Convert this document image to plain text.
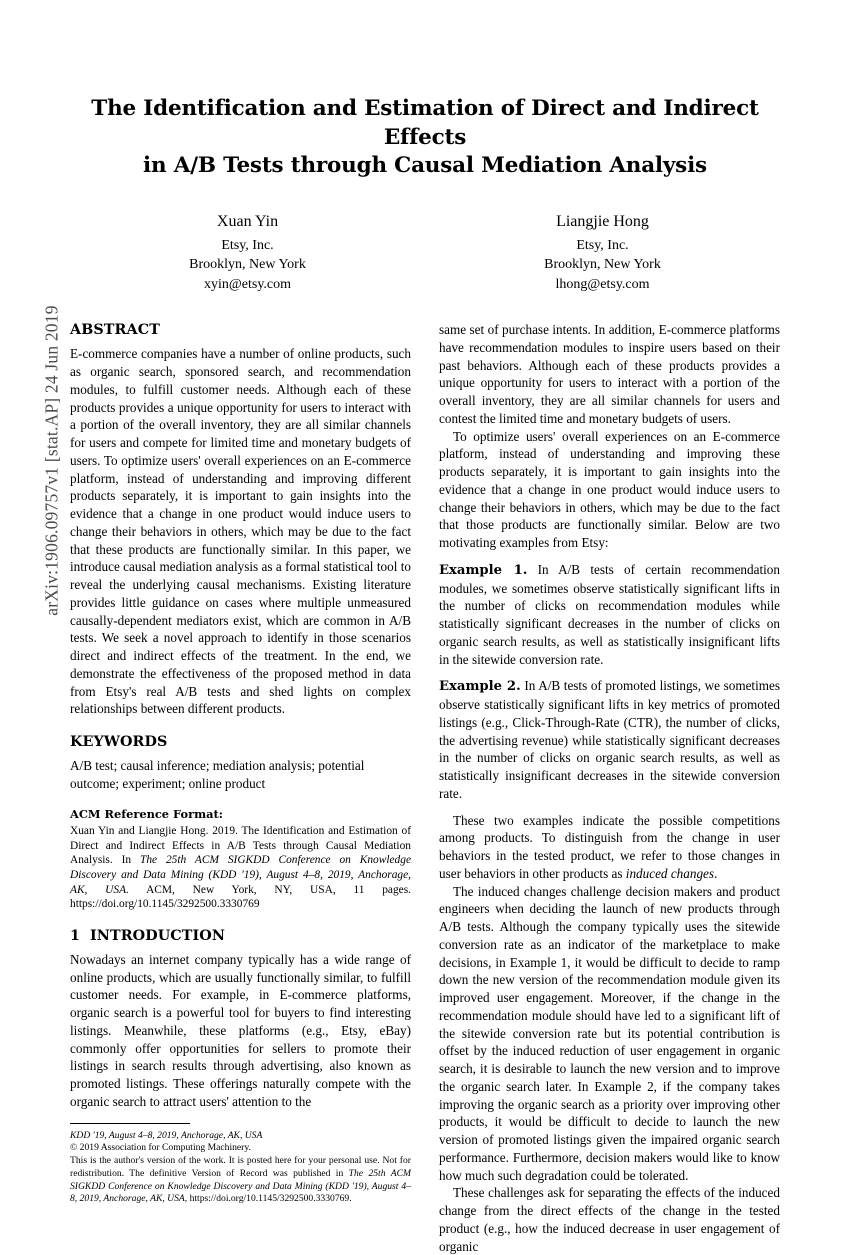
arXiv:1906.09757v1 [stat.AP] 24 Jun 2019
The Identification and Estimation of Direct and Indirect Effects
in A/B Tests through Causal Mediation Analysis
Xuan Yin
Etsy, Inc.
Brooklyn, New York
xyin@etsy.com
Liangjie Hong
Etsy, Inc.
Brooklyn, New York
lhong@etsy.com
ABSTRACT

E-commerce companies have a number of online products, such as organic search, sponsored search, and recommendation modules, to fulfill customer needs. Although each of these products provides a unique opportunity for users to interact with a portion of the overall inventory, they are all similar channels for users and compete for limited time and monetary budgets of users. To optimize users' overall experiences on an E-commerce platform, instead of understanding and improving different products separately, it is important to gain insights into the evidence that a change in one product would induce users to change their behaviors in others, which may be due to the fact that these products are functionally similar. In this paper, we introduce causal mediation analysis as a formal statistical tool to reveal the underlying causal mechanisms. Existing literature provides little guidance on cases where multiple unmeasured causally-dependent mediators exist, which are common in A/B tests. We seek a novel approach to identify in those scenarios direct and indirect effects of the treatment. In the end, we demonstrate the effectiveness of the proposed method in data from Etsy's real A/B tests and shed lights on complex relationships between different products.

KEYWORDS

A/B test; causal inference; mediation analysis; potential outcome; experiment; online product

ACM Reference Format:
Xuan Yin and Liangjie Hong. 2019. The Identification and Estimation of Direct and Indirect Effects in A/B Tests through Causal Mediation Analysis. In The 25th ACM SIGKDD Conference on Knowledge Discovery and Data Mining (KDD '19), August 4–8, 2019, Anchorage, AK, USA. ACM, New York, NY, USA, 11 pages. https://doi.org/10.1145/3292500.3330769
1 INTRODUCTION

Nowadays an internet company typically has a wide range of online products, which are usually functionally similar, to fulfill customer needs. For example, in E-commerce platforms, organic search is a powerful tool for buyers to find interesting listings. Meanwhile, these platforms (e.g., Etsy, eBay) commonly offer opportunities for sellers to promote their listings in search results through advertising, also known as promoted listings. These offerings naturally compete with the organic search to attract users' attention to the

KDD '19, August 4–8, 2019, Anchorage, AK, USA
© 2019 Association for Computing Machinery.
This is the author's version of the work. It is posted here for your personal use. Not for redistribution. The definitive Version of Record was published in The 25th ACM SIGKDD Conference on Knowledge Discovery and Data Mining (KDD '19), August 4–8, 2019, Anchorage, AK, USA, https://doi.org/10.1145/3292500.3330769.

same set of purchase intents. In addition, E-commerce platforms have recommendation modules to inspire users based on their past behaviors. Although each of these products provides a unique opportunity for users to interact with a portion of the overall inventory, they are all similar channels for users and contest the limited time and monetary budgets of users.

To optimize users' overall experiences on an E-commerce platform, instead of understanding and improving these products separately, it is important to gain insights into the evidence that a change in one product would induce users to change their behaviors in others, which may be due to the fact that those products are functionally similar. Below are two motivating examples from Etsy:

Example 1. In A/B tests of certain recommendation modules, we sometimes observe statistically significant lifts in the number of clicks on recommendation modules while statistically significant decreases in the number of clicks on organic search results, as well as statistically insignificant lifts in the sitewide conversion rate.

Example 2. In A/B tests of promoted listings, we sometimes observe statistically significant lifts in key metrics of promoted listings (e.g., Click-Through-Rate (CTR), the number of clicks, the advertising revenue) while statistically significant decreases in the number of clicks on organic search results, as well as statistically insignificant decreases in the sitewide conversion rate.

These two examples indicate the possible competitions among products. To distinguish from the change in user behaviors in the tested product, we refer to those changes in user behaviors in other products as induced changes.

The induced changes challenge decision makers and product engineers when deciding the launch of new products through A/B tests. Although the company typically uses the sitewide conversion rate as an indicator of the marketplace to make decisions, in Example 1, it would be difficult to decide to ramp down the new version of the recommendation module given its improved user engagement. Moreover, if the change in the recommendation module should have led to a significant lift of the sitewide conversion rate but its potential contribution is offset by the induced reduction of user engagement in organic search, it is desirable to launch the new version and to improve the organic search later. In Example 2, if the company takes improving the organic search as a priority over improving other products, it would be difficult to decide to launch the new version of promoted listings given the impaired organic search performance. Furthermore, decision makers would like to know how much such degradation could be tolerated.

These challenges ask for separating the effects of the induced change from the direct effects of the change in the tested product (e.g., how the induced decrease in user engagement of organic
